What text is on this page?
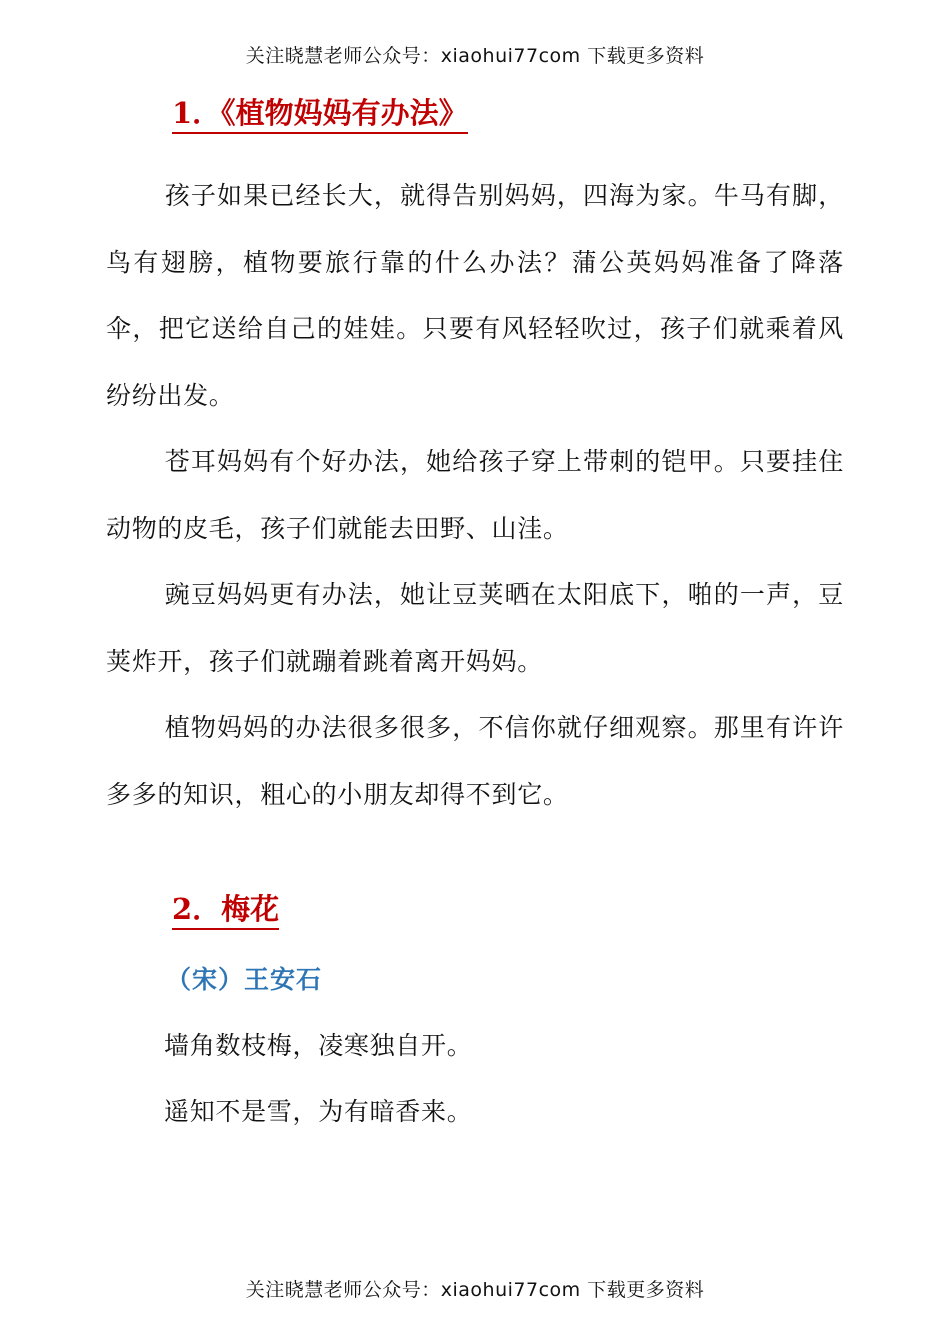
关注晓慧老师公众号：xiaohui77com 下载更多资料
1．《植物妈妈有办法》

孩子如果已经长大，就得告别妈妈，四海为家。牛马有脚，鸟有翅膀，植物要旅行靠的什么办法？蒲公英妈妈准备了降落伞，把它送给自己的娃娃。只要有风轻轻吹过，孩子们就乘着风纷纷出发。

苍耳妈妈有个好办法，她给孩子穿上带刺的铠甲。只要挂住动物的皮毛，孩子们就能去田野、山洼。

豌豆妈妈更有办法，她让豆荚晒在太阳底下，啪的一声，豆荚炸开，孩子们就蹦着跳着离开妈妈。

植物妈妈的办法很多很多，不信你就仔细观察。那里有许许多多的知识，粗心的小朋友却得不到它。

2．梅花
（宋）王安石
墙角数枝梅，凌寒独自开。
遥知不是雪，为有暗香来。
关注晓慧老师公众号：xiaohui77com 下载更多资料
